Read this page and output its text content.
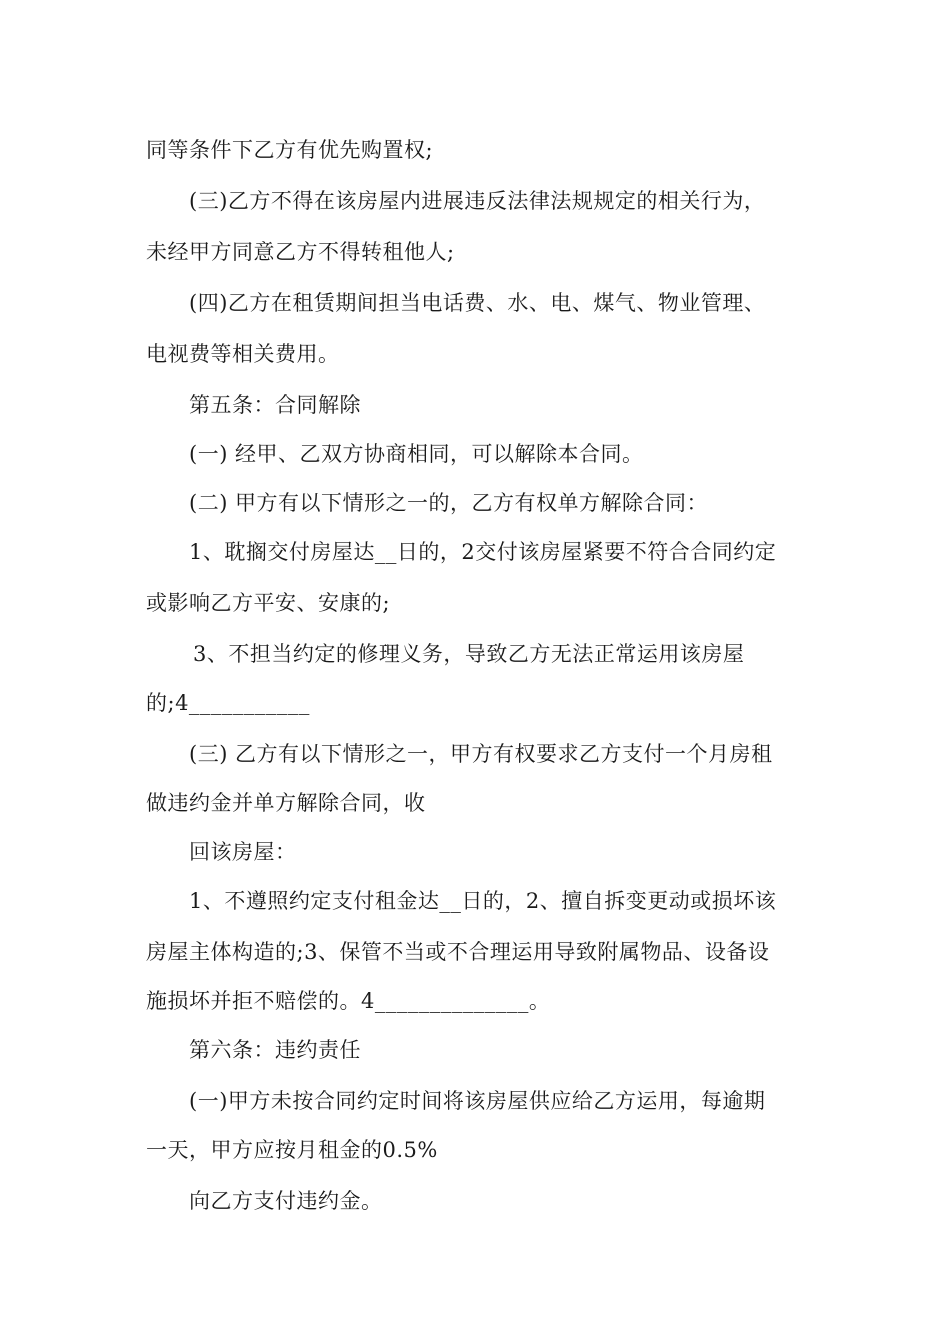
同等条件下乙方有优先购置权;
(三)乙方不得在该房屋内进展违反法律法规规定的相关行为，
未经甲方同意乙方不得转租他人;
(四)乙方在租赁期间担当电话费、水、电、煤气、物业管理、
电视费等相关费用。
第五条：合同解除
(一) 经甲、乙双方协商相同，可以解除本合同。
(二) 甲方有以下情形之一的，乙方有权单方解除合同：
1、耽搁交付房屋达__日的，2交付该房屋紧要不符合合同约定
或影响乙方平安、安康的;
3、不担当约定的修理义务，导致乙方无法正常运用该房屋
的;4___________
(三) 乙方有以下情形之一，甲方有权要求乙方支付一个月房租
做违约金并单方解除合同，收
回该房屋：
1、不遵照约定支付租金达__日的，2、擅自拆变更动或损坏该
房屋主体构造的;3、保管不当或不合理运用导致附属物品、设备设
施损坏并拒不赔偿的。4______________。
第六条：违约责任
(一)甲方未按合同约定时间将该房屋供应给乙方运用，每逾期
一天，甲方应按月租金的0.5%
向乙方支付违约金。
